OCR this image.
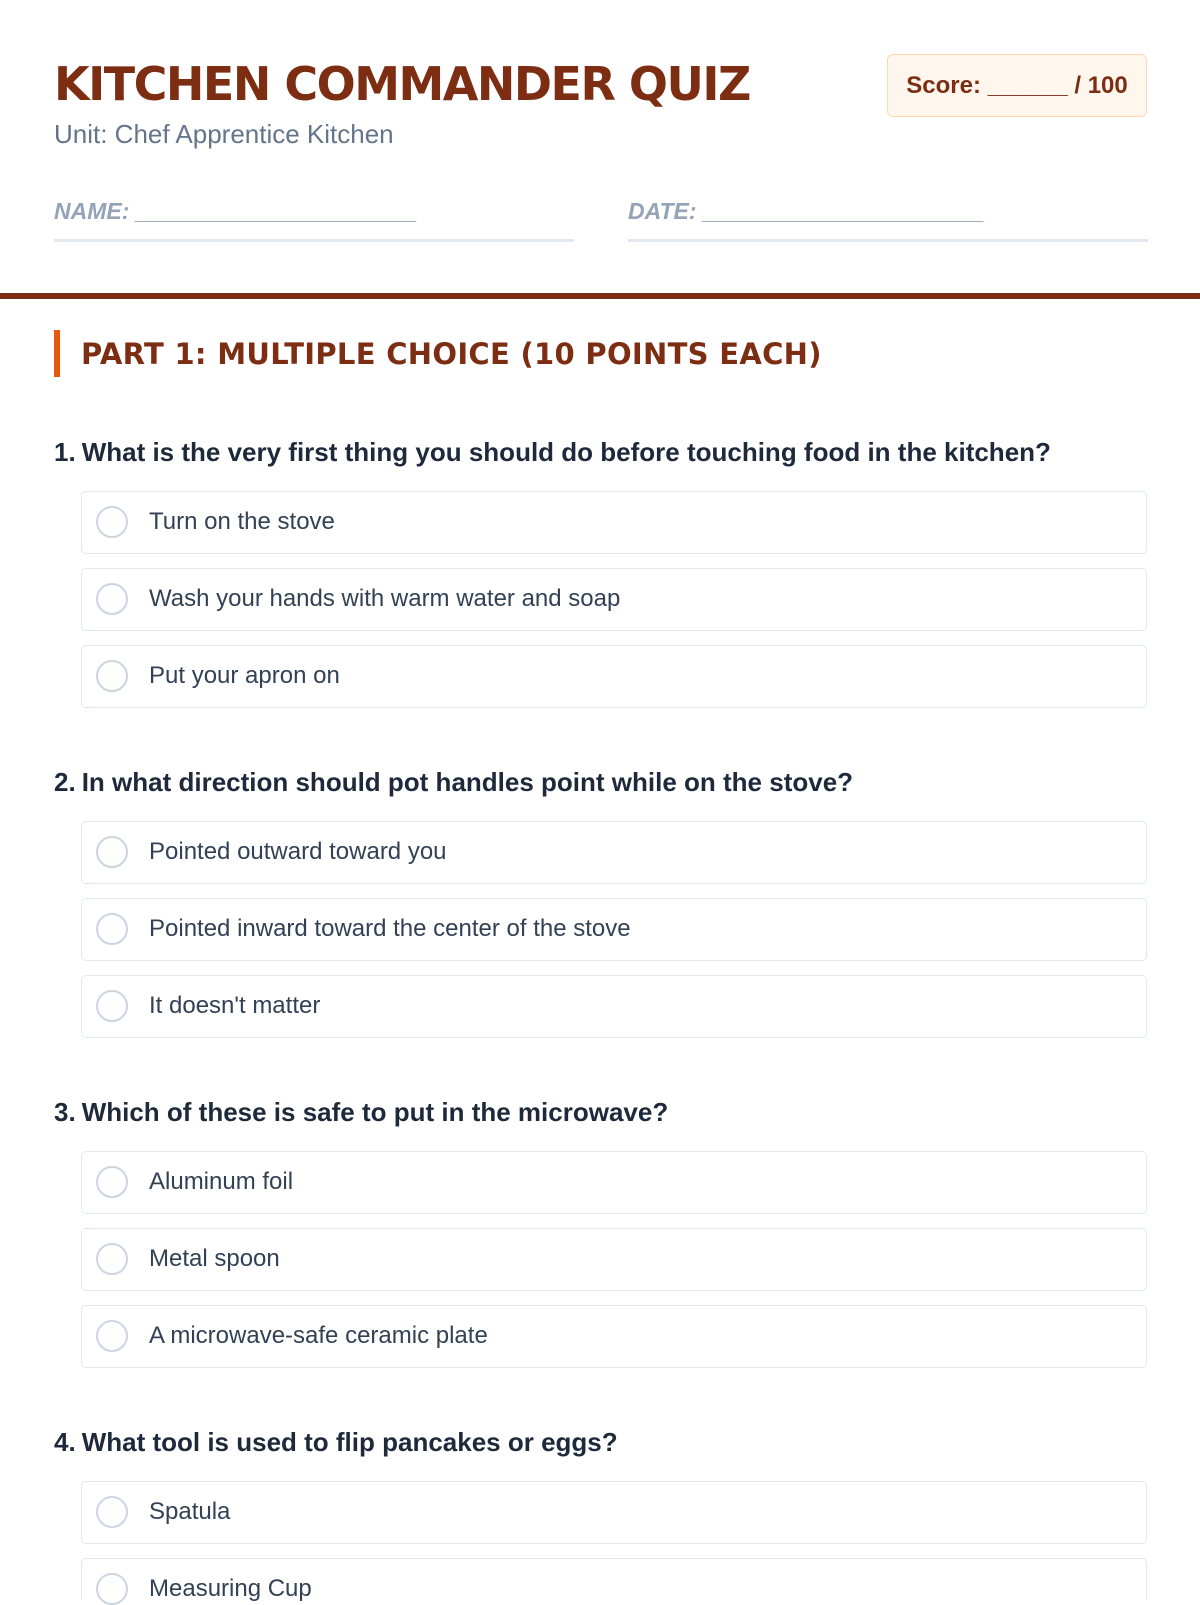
KITCHEN COMMANDER QUIZ
Unit: Chef Apprentice Kitchen
Score: ______ / 100
NAME: ______________________	DATE: ______________________
PART 1: MULTIPLE CHOICE (10 POINTS EACH)
1. What is the very first thing you should do before touching food in the kitchen?
Turn on the stove
Wash your hands with warm water and soap
Put your apron on
2. In what direction should pot handles point while on the stove?
Pointed outward toward you
Pointed inward toward the center of the stove
It doesn't matter
3. Which of these is safe to put in the microwave?
Aluminum foil
Metal spoon
A microwave-safe ceramic plate
4. What tool is used to flip pancakes or eggs?
Spatula
Measuring Cup
